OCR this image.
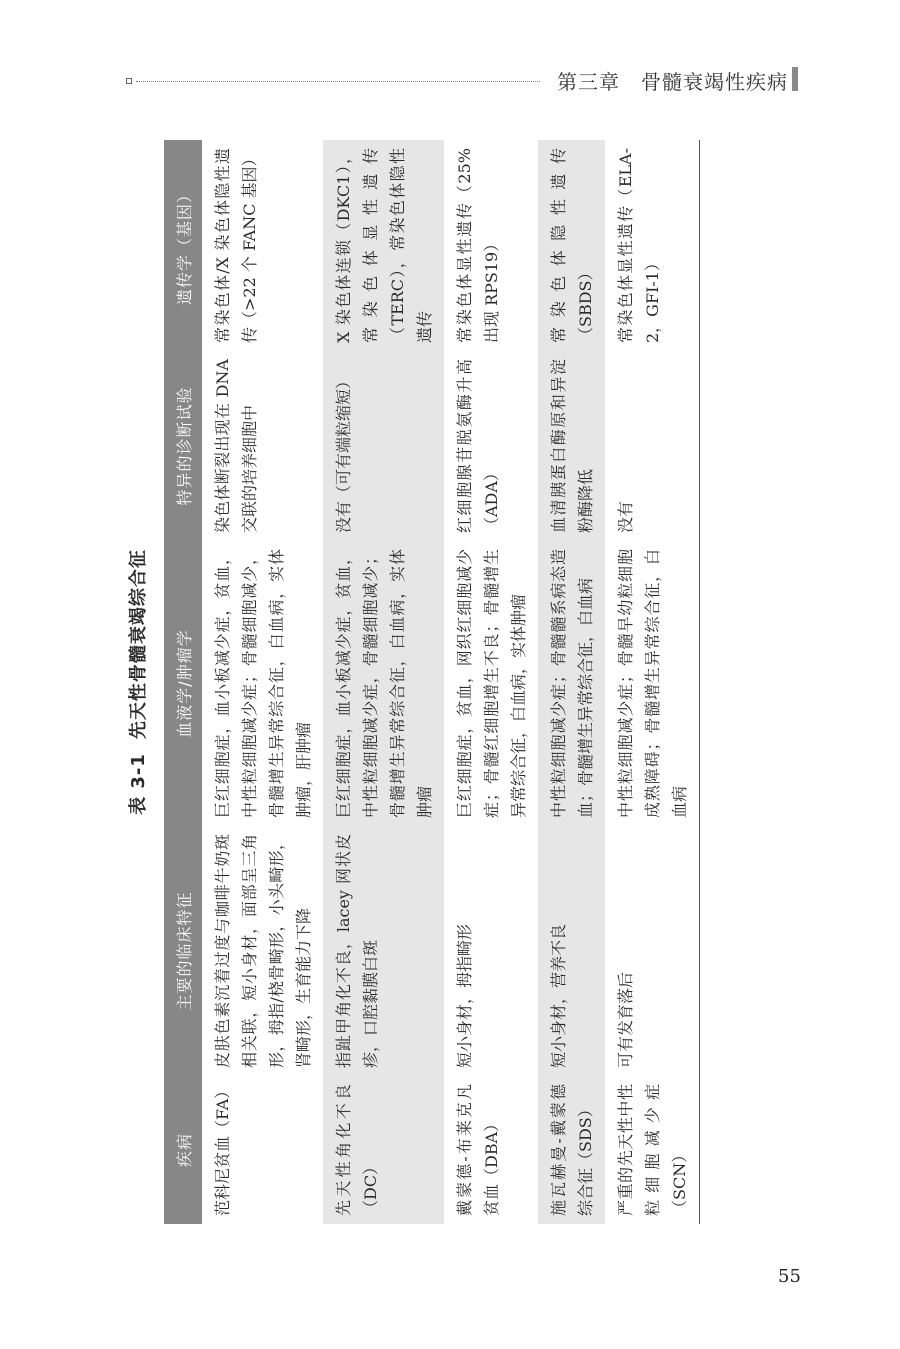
第三章　骨髓衰竭性疾病
表 3-1先天性骨髓衰竭综合征
疾病	主要的临床特征	血液学/肿瘤学	特异的诊断试验	遗传学（基因）
范科尼贫血（FA）	皮肤色素沉着过度与咖啡牛奶斑相关联，短小身材，面部呈三角形，拇指/桡骨畸形，小头畸形，肾畸形，生育能力下降	巨红细胞症，血小板减少症，贫血，中性粒细胞减少症；骨髓细胞减少，骨髓增生异常综合征，白血病，实体肿瘤，肝肿瘤	染色体断裂出现在 DNA 交联的培养细胞中	常染色体/X 染色体隐性遗传（>22 个 FANC 基因）
先天性角化不良（DC）	指趾甲角化不良，lacey 网状皮疹，口腔黏膜白斑	巨红细胞症，血小板减少症，贫血，中性粒细胞减少症，骨髓细胞减少；骨髓增生异常综合征，白血病，实体肿瘤	没有（可有端粒缩短）	X 染色体连锁（DKC1），常染色体显性遗传（TERC），常染色体隐性遗传
戴蒙德-布莱克凡贫血（DBA）	短小身材，拇指畸形	巨红细胞症，贫血，网织红细胞减少症；骨髓红细胞增生不良；骨髓增生异常综合征，白血病，实体肿瘤	红细胞腺苷脱氨酶升高（ADA）	常染色体显性遗传（25% 出现 RPS19）
施瓦赫曼-戴蒙德综合征（SDS）	短小身材，营养不良	中性粒细胞减少症；骨髓髓系病态造血；骨髓增生异常综合征，白血病	血清胰蛋白酶原和异淀粉酶降低	常染色体隐性遗传（SBDS）
严重的先天性中性粒细胞减少症（SCN）	可有发育落后	中性粒细胞减少症；骨髓早幼粒细胞成熟障碍；骨髓增生异常综合征，白血病	没有	常染色体显性遗传（ELA-2，GFI-1）
55
